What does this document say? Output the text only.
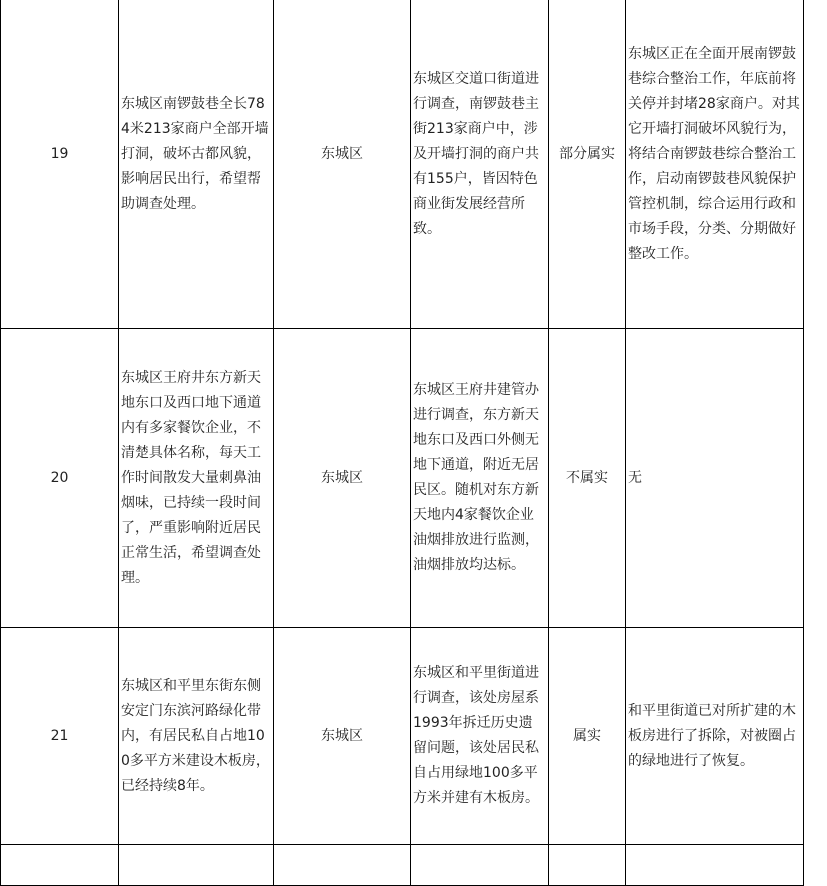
19	东城区南锣鼓巷全长784米213家商户全部开墙打洞，破坏古都风貌，影响居民出行，希望帮助调查处理。	东城区	东城区交道口街道进行调查，南锣鼓巷主街213家商户中，涉及开墙打洞的商户共有155户，皆因特色商业街发展经营所致。	部分属实	东城区正在全面开展南锣鼓巷综合整治工作，年底前将关停并封堵28家商户。对其它开墙打洞破坏风貌行为，将结合南锣鼓巷综合整治工作，启动南锣鼓巷风貌保护管控机制，综合运用行政和市场手段，分类、分期做好整改工作。
20	东城区王府井东方新天地东口及西口地下通道内有多家餐饮企业，不清楚具体名称，每天工作时间散发大量刺鼻油烟味，已持续一段时间了，严重影响附近居民正常生活，希望调查处理。	东城区	东城区王府井建管办进行调查，东方新天地东口及西口外侧无地下通道，附近无居民区。随机对东方新天地内4家餐饮企业油烟排放进行监测，油烟排放均达标。	不属实	无
21	东城区和平里东街东侧安定门东滨河路绿化带内，有居民私自占地100多平方米建设木板房，已经持续8年。	东城区	东城区和平里街道进行调查，该处房屋系1993年拆迁历史遗留问题，该处居民私自占用绿地100多平方米并建有木板房。	属实	和平里街道已对所扩建的木板房进行了拆除，对被圈占的绿地进行了恢复。
